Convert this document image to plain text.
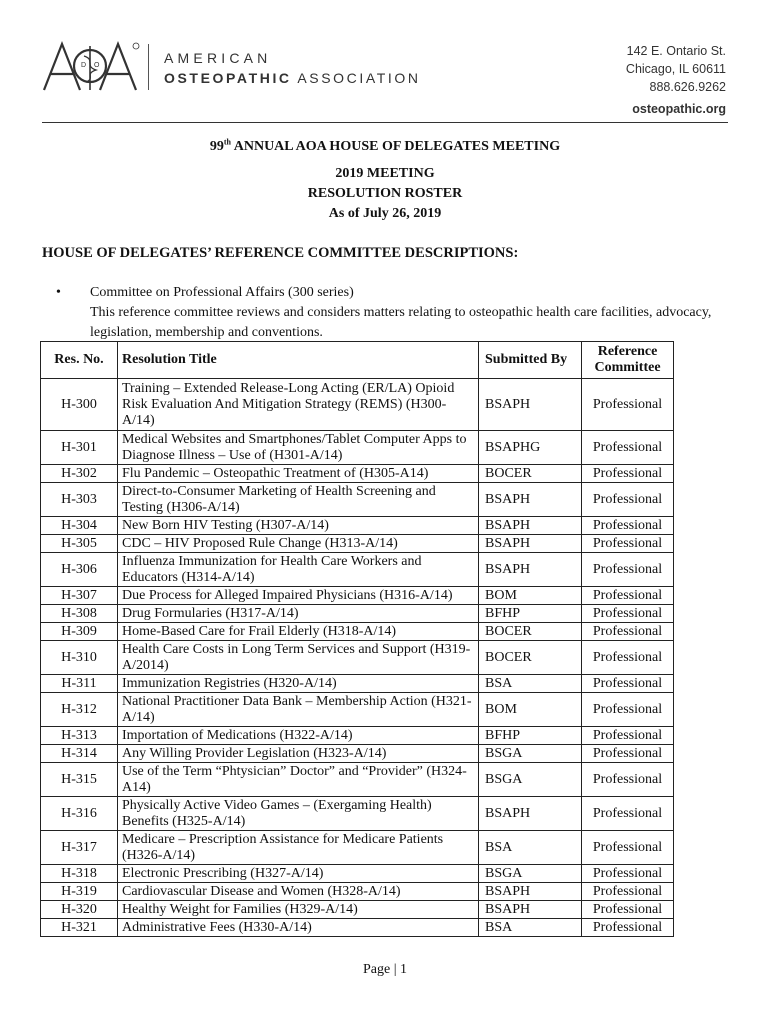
D O	AMERICAN
OSTEOPATHIC ASSOCIATION
142 E. Ontario St.
Chicago, IL 60611
888.626.9262
osteopathic.org
99th ANNUAL AOA HOUSE OF DELEGATES MEETING
2019 MEETING
RESOLUTION ROSTER
As of July 26, 2019
HOUSE OF DELEGATES’ REFERENCE COMMITTEE DESCRIPTIONS:
• Committee on Professional Affairs (300 series)
This reference committee reviews and considers matters relating to osteopathic health care facilities, advocacy, legislation, membership and conventions.
Res. No.	Resolution Title	Submitted By	Reference Committee
H-300	Training – Extended Release-Long Acting (ER/LA) Opioid Risk Evaluation And Mitigation Strategy (REMS) (H300-A/14)	BSAPH	Professional
H-301	Medical Websites and Smartphones/Tablet Computer Apps to Diagnose Illness – Use of (H301-A/14)	BSAPHG	Professional
H-302	Flu Pandemic – Osteopathic Treatment of (H305-A14)	BOCER	Professional
H-303	Direct-to-Consumer Marketing of Health Screening and Testing (H306-A/14)	BSAPH	Professional
H-304	New Born HIV Testing (H307-A/14)	BSAPH	Professional
H-305	CDC – HIV Proposed Rule Change (H313-A/14)	BSAPH	Professional
H-306	Influenza Immunization for Health Care Workers and Educators (H314-A/14)	BSAPH	Professional
H-307	Due Process for Alleged Impaired Physicians (H316-A/14)	BOM	Professional
H-308	Drug Formularies (H317-A/14)	BFHP	Professional
H-309	Home-Based Care for Frail Elderly (H318-A/14)	BOCER	Professional
H-310	Health Care Costs in Long Term Services and Support (H319-A/2014)	BOCER	Professional
H-311	Immunization Registries (H320-A/14)	BSA	Professional
H-312	National Practitioner Data Bank – Membership Action (H321-A/14)	BOM	Professional
H-313	Importation of Medications (H322-A/14)	BFHP	Professional
H-314	Any Willing Provider Legislation (H323-A/14)	BSGA	Professional
H-315	Use of the Term “Phtysician” Doctor” and “Provider” (H324-A14)	BSGA	Professional
H-316	Physically Active Video Games – (Exergaming Health) Benefits (H325-A/14)	BSAPH	Professional
H-317	Medicare – Prescription Assistance for Medicare Patients (H326-A/14)	BSA	Professional
H-318	Electronic Prescribing (H327-A/14)	BSGA	Professional
H-319	Cardiovascular Disease and Women (H328-A/14)	BSAPH	Professional
H-320	Healthy Weight for Families (H329-A/14)	BSAPH	Professional
H-321	Administrative Fees (H330-A/14)	BSA	Professional
Page | 1
